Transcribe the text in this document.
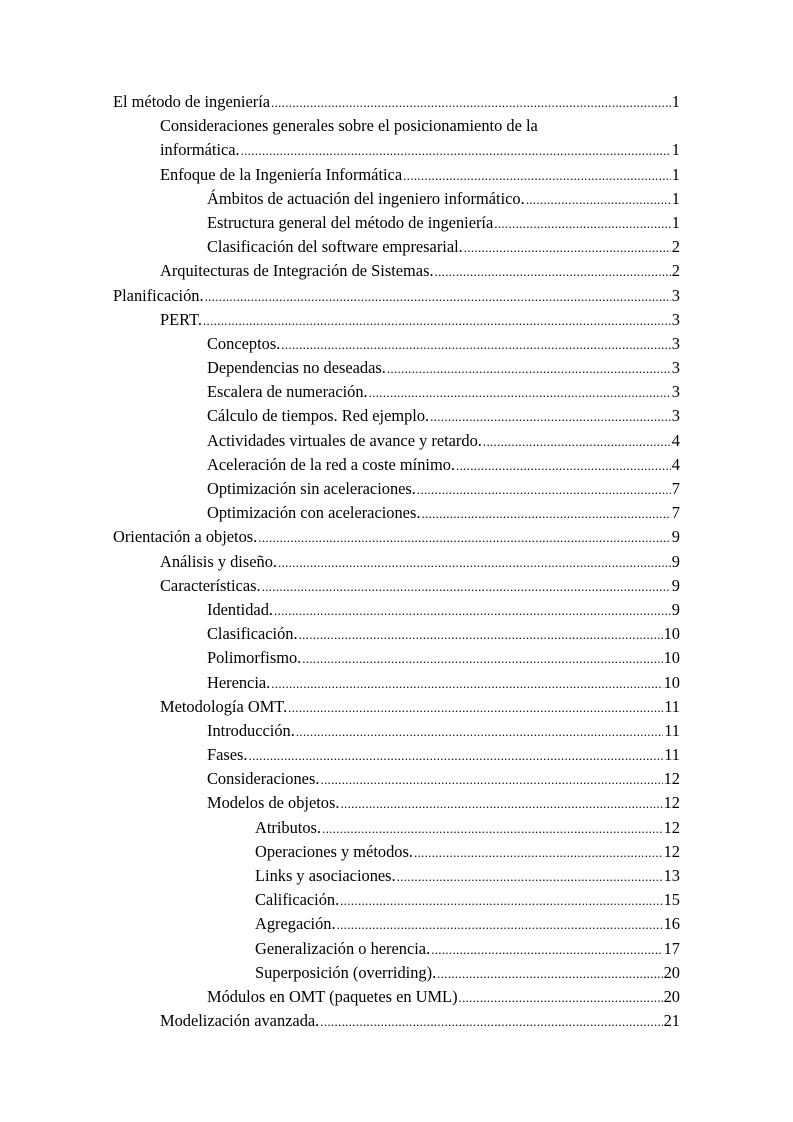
El método de ingeniería .....	1
Consideraciones generales sobre el posicionamiento de la
informática. .....	1
Enfoque de la Ingeniería Informática .....	1
Ámbitos de actuación del ingeniero informático. .....	1
Estructura general del método de ingeniería .....	1
Clasificación del software empresarial. .....	2
Arquitecturas de Integración de Sistemas. .....	2
Planificación. .....	3
PERT. .....	3
Conceptos. .....	3
Dependencias no deseadas. .....	3
Escalera de numeración. .....	3
Cálculo de tiempos. Red ejemplo. .....	3
Actividades virtuales de avance y retardo. .....	4
Aceleración de la red a coste mínimo. .....	4
Optimización sin aceleraciones. .....	7
Optimización con aceleraciones. .....	7
Orientación a objetos. .....	9
Análisis y diseño. .....	9
Características. .....	9
Identidad. .....	9
Clasificación. .....	10
Polimorfismo. .....	10
Herencia. .....	10
Metodología OMT. .....	11
Introducción. .....	11
Fases. .....	11
Consideraciones. .....	12
Modelos de objetos. .....	12
Atributos. .....	12
Operaciones y métodos. .....	12
Links y asociaciones. .....	13
Calificación. .....	15
Agregación. .....	16
Generalización o herencia. .....	17
Superposición (overriding). .....	20
Módulos en OMT (paquetes en UML) .....	20
Modelización avanzada. .....	21
